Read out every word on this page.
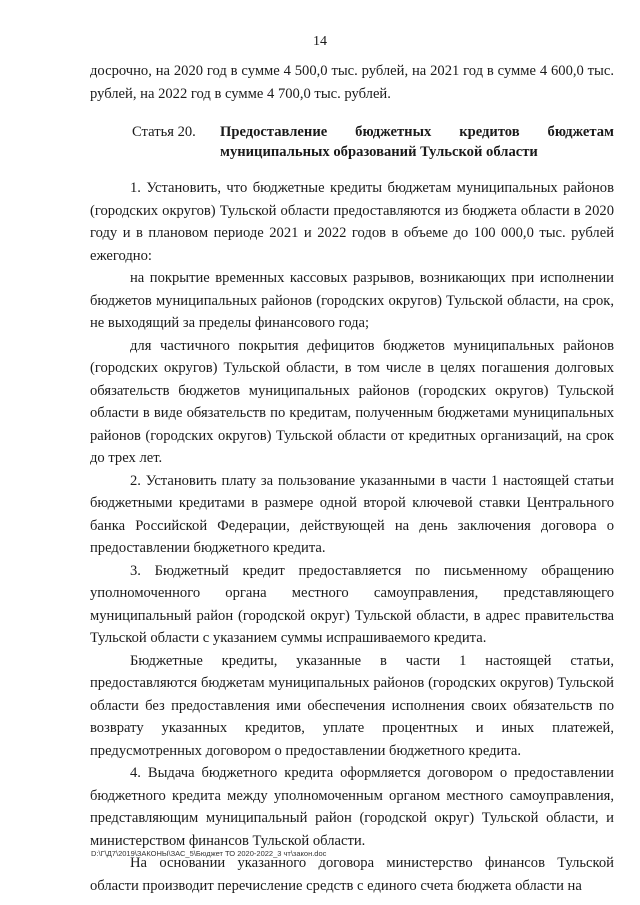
14

досрочно, на 2020 год в сумме 4 500,0 тыс. рублей, на 2021 год в сумме 4 600,0 тыс. рублей, на 2022 год в сумме 4 700,0 тыс. рублей.

Статья 20. Предоставление бюджетных кредитов бюджетам муниципальных образований Тульской области

1. Установить, что бюджетные кредиты бюджетам муниципальных районов (городских округов) Тульской области предоставляются из бюджета области в 2020 году и в плановом периоде 2021 и 2022 годов в объеме до 100 000,0 тыс. рублей ежегодно:

на покрытие временных кассовых разрывов, возникающих при исполнении бюджетов муниципальных районов (городских округов) Тульской области, на срок, не выходящий за пределы финансового года;

для частичного покрытия дефицитов бюджетов муниципальных районов (городских округов) Тульской области, в том числе в целях погашения долговых обязательств бюджетов муниципальных районов (городских округов) Тульской области в виде обязательств по кредитам, полученным бюджетами муниципальных районов (городских округов) Тульской области от кредитных организаций, на срок до трех лет.

2. Установить плату за пользование указанными в части 1 настоящей статьи бюджетными кредитами в размере одной второй ключевой ставки Центрального банка Российской Федерации, действующей на день заключения договора о предоставлении бюджетного кредита.

3. Бюджетный кредит предоставляется по письменному обращению уполномоченного органа местного самоуправления, представляющего муниципальный район (городской округ) Тульской области, в адрес правительства Тульской области с указанием суммы испрашиваемого кредита.

Бюджетные кредиты, указанные в части 1 настоящей статьи, предоставляются бюджетам муниципальных районов (городских округов) Тульской области без предоставления ими обеспечения исполнения своих обязательств по возврату указанных кредитов, уплате процентных и иных платежей, предусмотренных договором о предоставлении бюджетного кредита.

4. Выдача бюджетного кредита оформляется договором о предоставлении бюджетного кредита между уполномоченным органом местного самоуправления, представляющим муниципальный район (городской округ) Тульской области, и министерством финансов Тульской области.

На основании указанного договора министерство финансов Тульской области производит перечисление средств с единого счета бюджета области на

D:\Г\Д7\2019\ЗАКОНЫ\ЗАС_5\Бюджет ТО 2020-2022_3 чт\закон.doc
